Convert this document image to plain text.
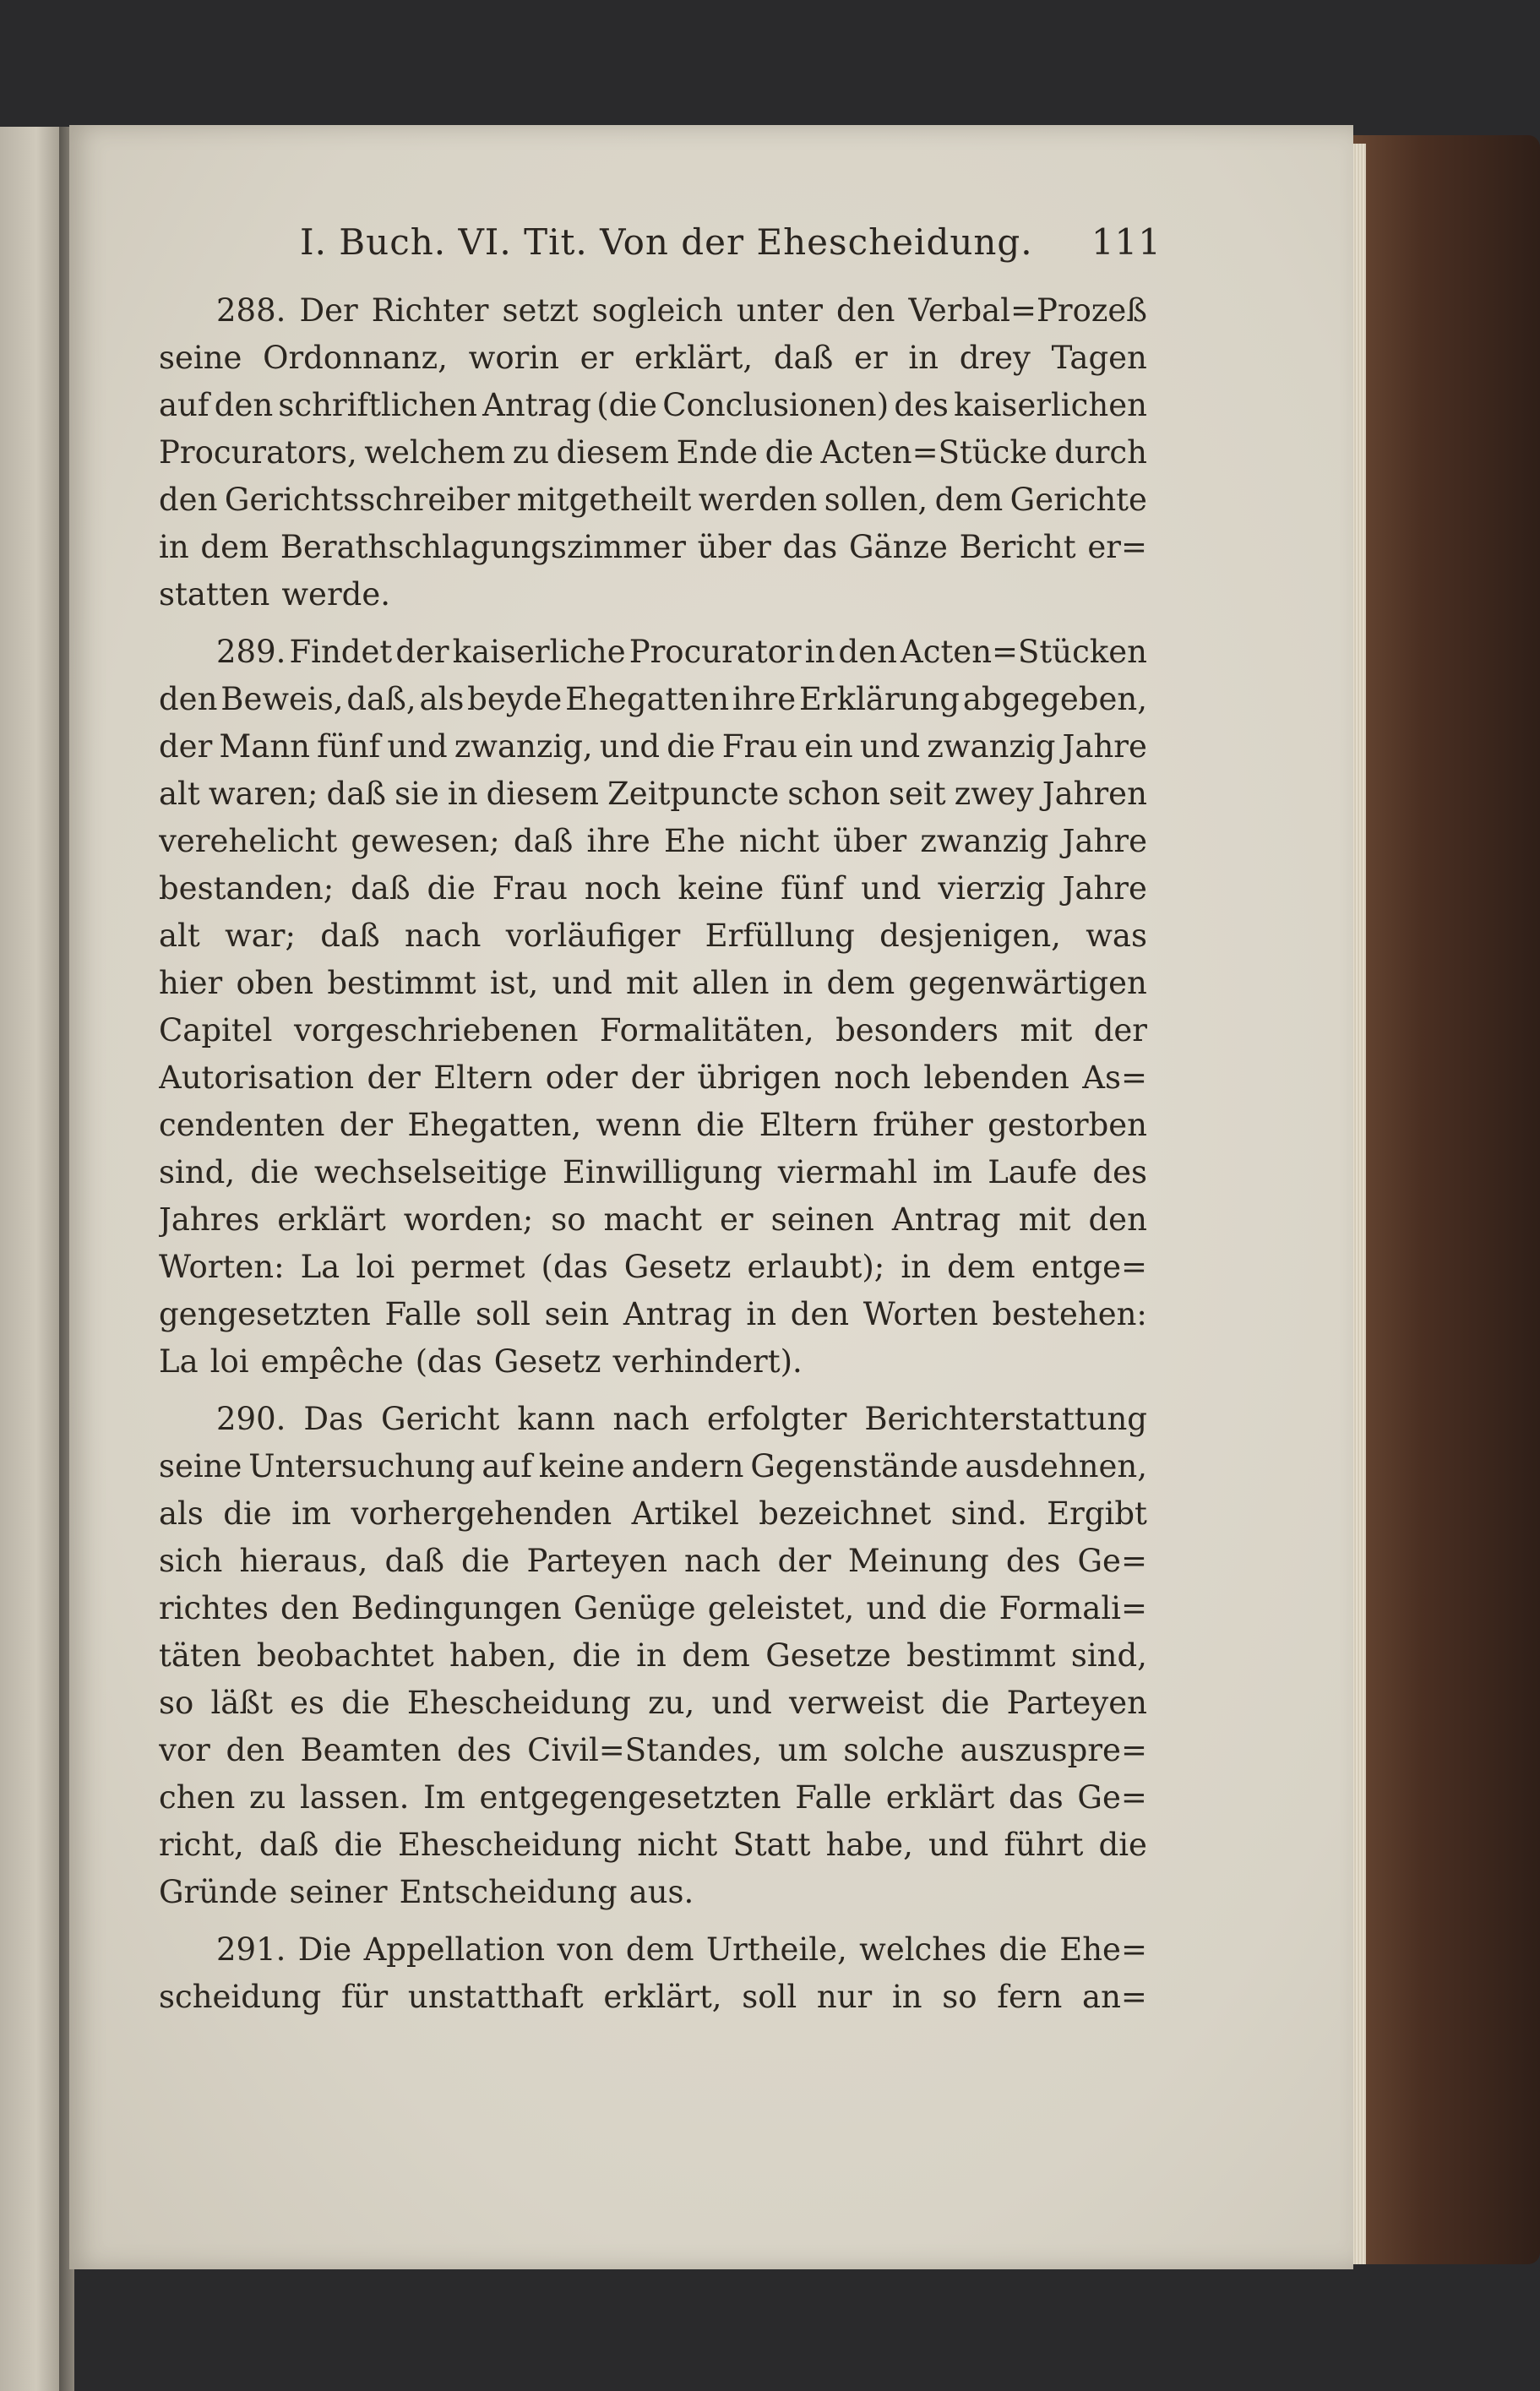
I. Buch. VI. Tit. Von der Ehescheidung. 111
288. Der Richter setzt sogleich unter den Verbal=Prozeß
seine Ordonnanz, worin er erklärt, daß er in drey Tagen
auf den schriftlichen Antrag (die Conclusionen) des kaiserlichen
Procurators, welchem zu diesem Ende die Acten=Stücke durch
den Gerichtsschreiber mitgetheilt werden sollen, dem Gerichte
in dem Berathschlagungszimmer über das Gänze Bericht er=
statten werde.
289. Findet der kaiserliche Procurator in den Acten=Stücken
den Beweis, daß, als beyde Ehegatten ihre Erklärung abgegeben,
der Mann fünf und zwanzig, und die Frau ein und zwanzig Jahre
alt waren; daß sie in diesem Zeitpuncte schon seit zwey Jahren
verehelicht gewesen; daß ihre Ehe nicht über zwanzig Jahre
bestanden; daß die Frau noch keine fünf und vierzig Jahre
alt war; daß nach vorläufiger Erfüllung desjenigen, was
hier oben bestimmt ist, und mit allen in dem gegenwärtigen
Capitel vorgeschriebenen Formalitäten, besonders mit der
Autorisation der Eltern oder der übrigen noch lebenden As=
cendenten der Ehegatten, wenn die Eltern früher gestorben
sind, die wechselseitige Einwilligung viermahl im Laufe des
Jahres erklärt worden; so macht er seinen Antrag mit den
Worten: La loi permet (das Gesetz erlaubt); in dem entge=
gengesetzten Falle soll sein Antrag in den Worten bestehen:
La loi empêche (das Gesetz verhindert).
290. Das Gericht kann nach erfolgter Berichterstattung
seine Untersuchung auf keine andern Gegenstände ausdehnen,
als die im vorhergehenden Artikel bezeichnet sind. Ergibt
sich hieraus, daß die Parteyen nach der Meinung des Ge=
richtes den Bedingungen Genüge geleistet, und die Formali=
täten beobachtet haben, die in dem Gesetze bestimmt sind,
so läßt es die Ehescheidung zu, und verweist die Parteyen
vor den Beamten des Civil=Standes, um solche auszuspre=
chen zu lassen. Im entgegengesetzten Falle erklärt das Ge=
richt, daß die Ehescheidung nicht Statt habe, und führt die
Gründe seiner Entscheidung aus.
291. Die Appellation von dem Urtheile, welches die Ehe=
scheidung für unstatthaft erklärt, soll nur in so fern an=
